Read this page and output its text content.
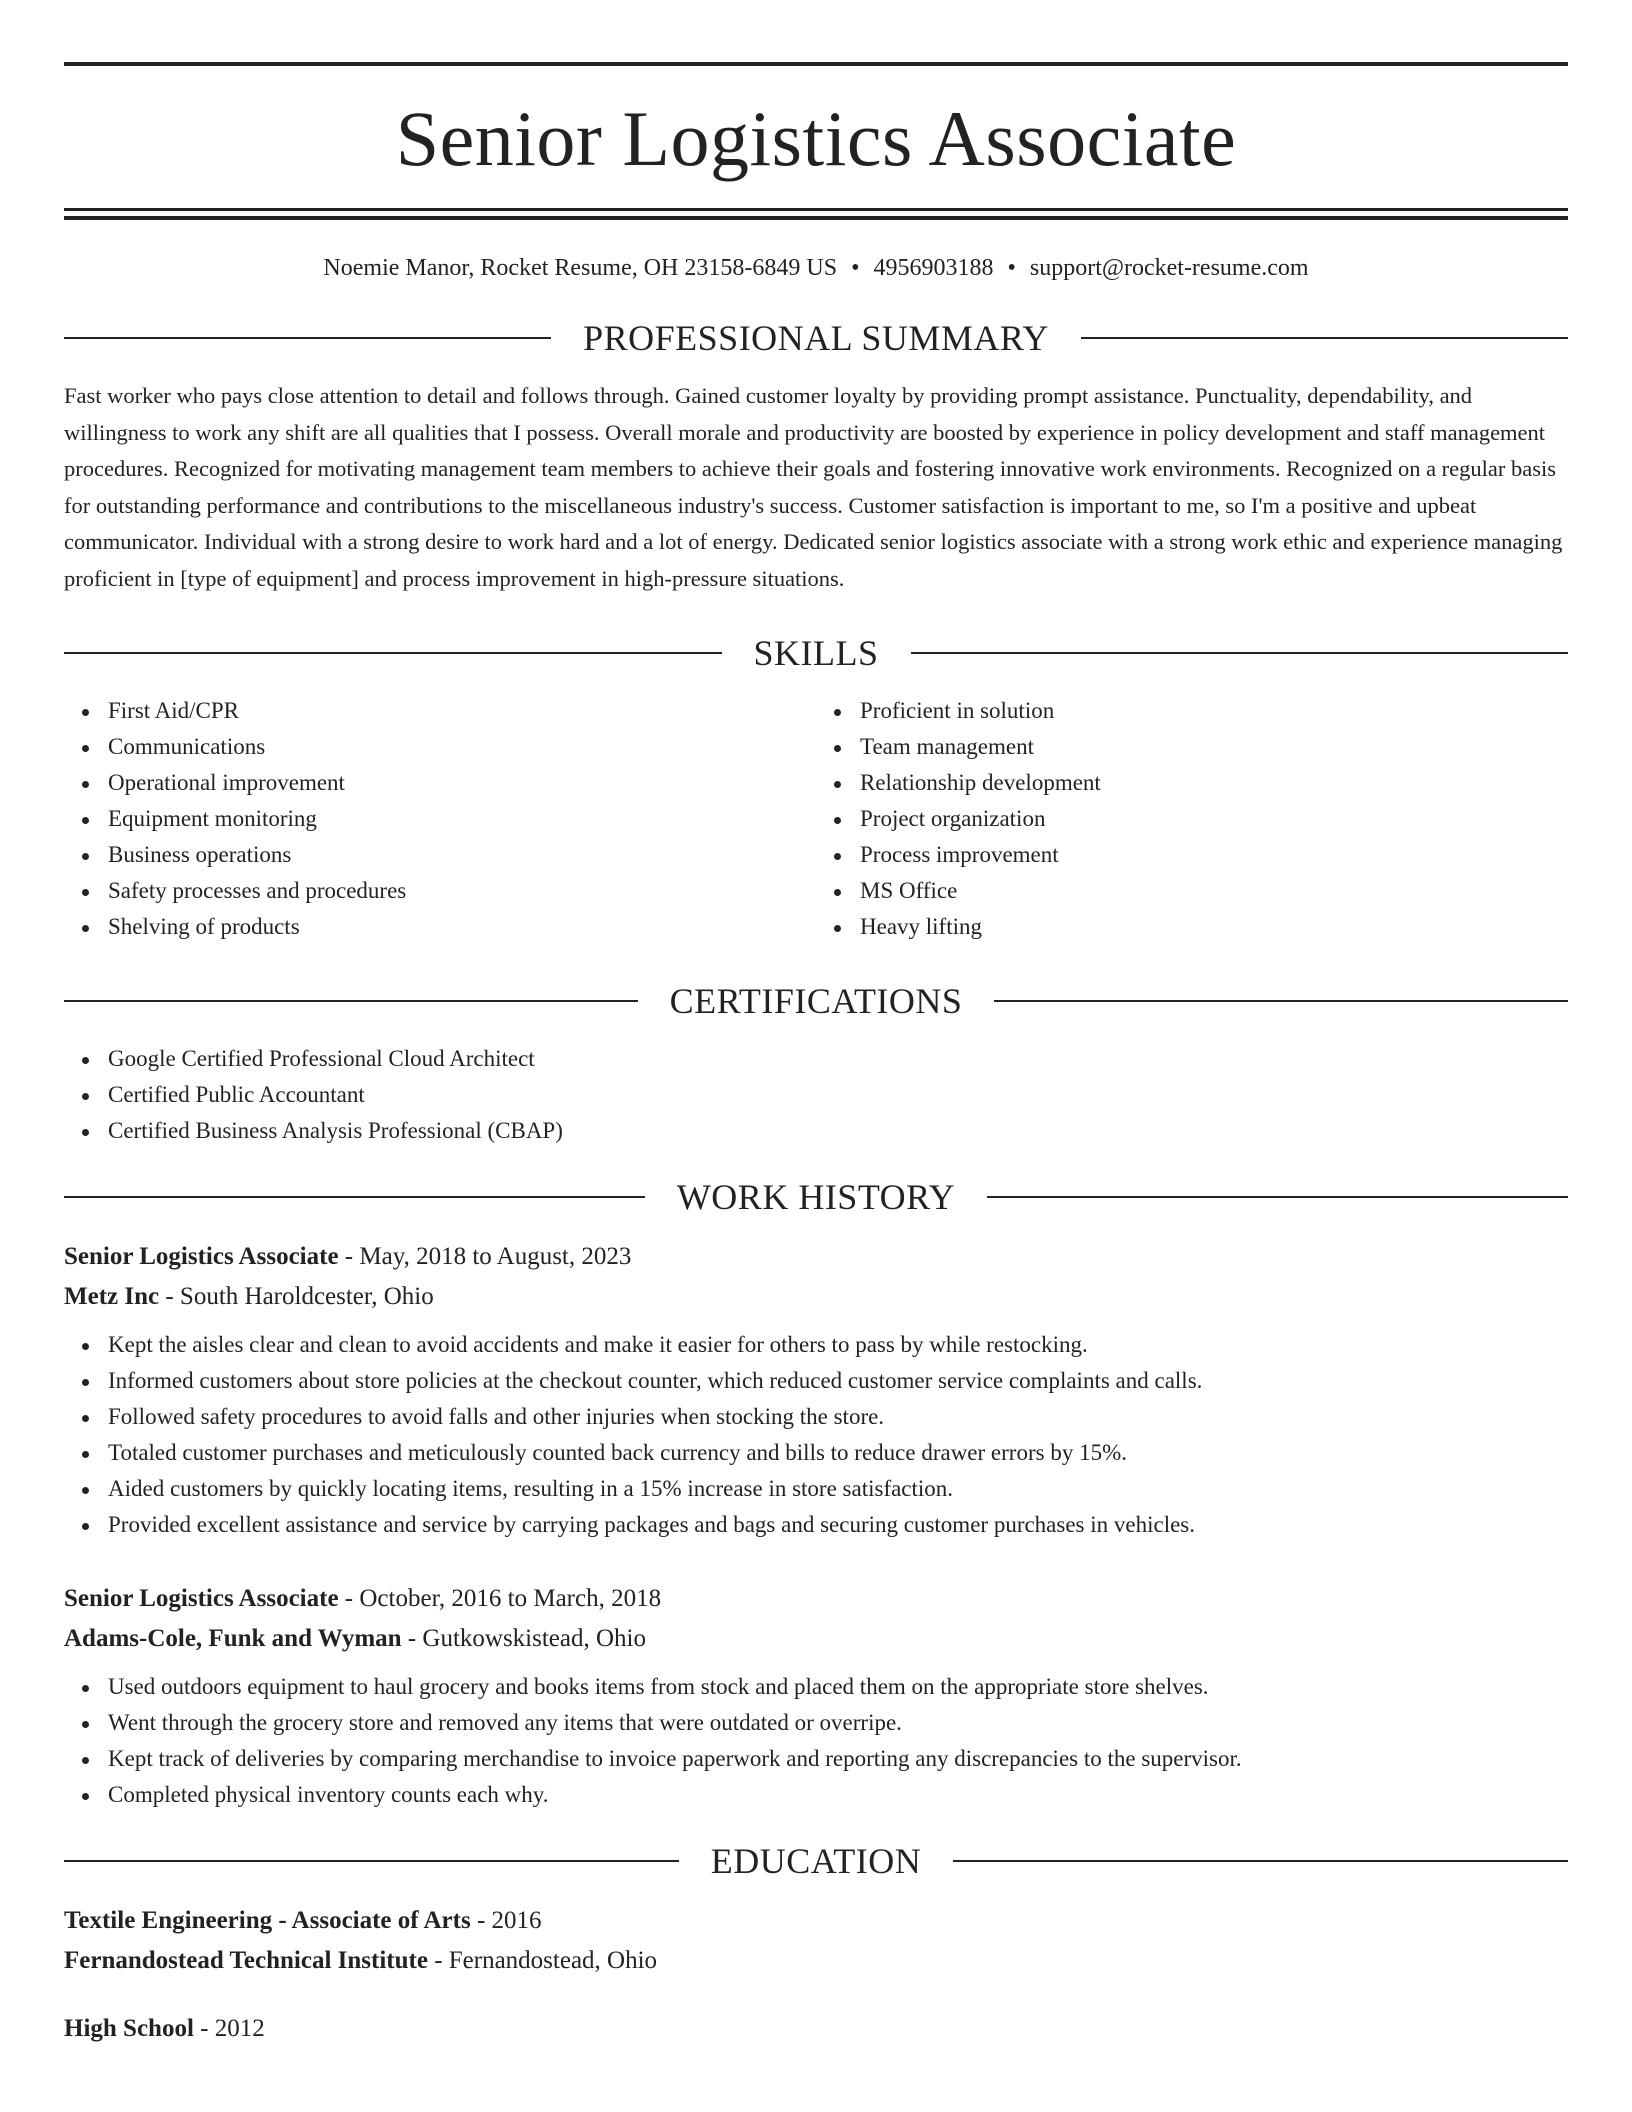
Senior Logistics Associate
Noemie Manor, Rocket Resume, OH 23158-6849 US • 4956903188 • support@rocket-resume.com
PROFESSIONAL SUMMARY

Fast worker who pays close attention to detail and follows through. Gained customer loyalty by providing prompt assistance. Punctuality, dependability, and willingness to work any shift are all qualities that I possess. Overall morale and productivity are boosted by experience in policy development and staff management procedures. Recognized for motivating management team members to achieve their goals and fostering innovative work environments. Recognized on a regular basis for outstanding performance and contributions to the miscellaneous industry's success. Customer satisfaction is important to me, so I'm a positive and upbeat communicator. Individual with a strong desire to work hard and a lot of energy. Dedicated senior logistics associate with a strong work ethic and experience managing proficient in [type of equipment] and process improvement in high-pressure situations.

SKILLS
First Aid/CPR
Communications
Operational improvement
Equipment monitoring
Business operations
Safety processes and procedures
Shelving of products
Proficient in solution
Team management
Relationship development
Project organization
Process improvement
MS Office
Heavy lifting
CERTIFICATIONS
Google Certified Professional Cloud Architect
Certified Public Accountant
Certified Business Analysis Professional (CBAP)
WORK HISTORY
Senior Logistics Associate - May, 2018 to August, 2023
Metz Inc - South Haroldcester, Ohio
Kept the aisles clear and clean to avoid accidents and make it easier for others to pass by while restocking.
Informed customers about store policies at the checkout counter, which reduced customer service complaints and calls.
Followed safety procedures to avoid falls and other injuries when stocking the store.
Totaled customer purchases and meticulously counted back currency and bills to reduce drawer errors by 15%.
Aided customers by quickly locating items, resulting in a 15% increase in store satisfaction.
Provided excellent assistance and service by carrying packages and bags and securing customer purchases in vehicles.
Senior Logistics Associate - October, 2016 to March, 2018
Adams-Cole, Funk and Wyman - Gutkowskistead, Ohio
Used outdoors equipment to haul grocery and books items from stock and placed them on the appropriate store shelves.
Went through the grocery store and removed any items that were outdated or overripe.
Kept track of deliveries by comparing merchandise to invoice paperwork and reporting any discrepancies to the supervisor.
Completed physical inventory counts each why.
EDUCATION
Textile Engineering - Associate of Arts - 2016
Fernandostead Technical Institute - Fernandostead, Ohio
High School - 2012
